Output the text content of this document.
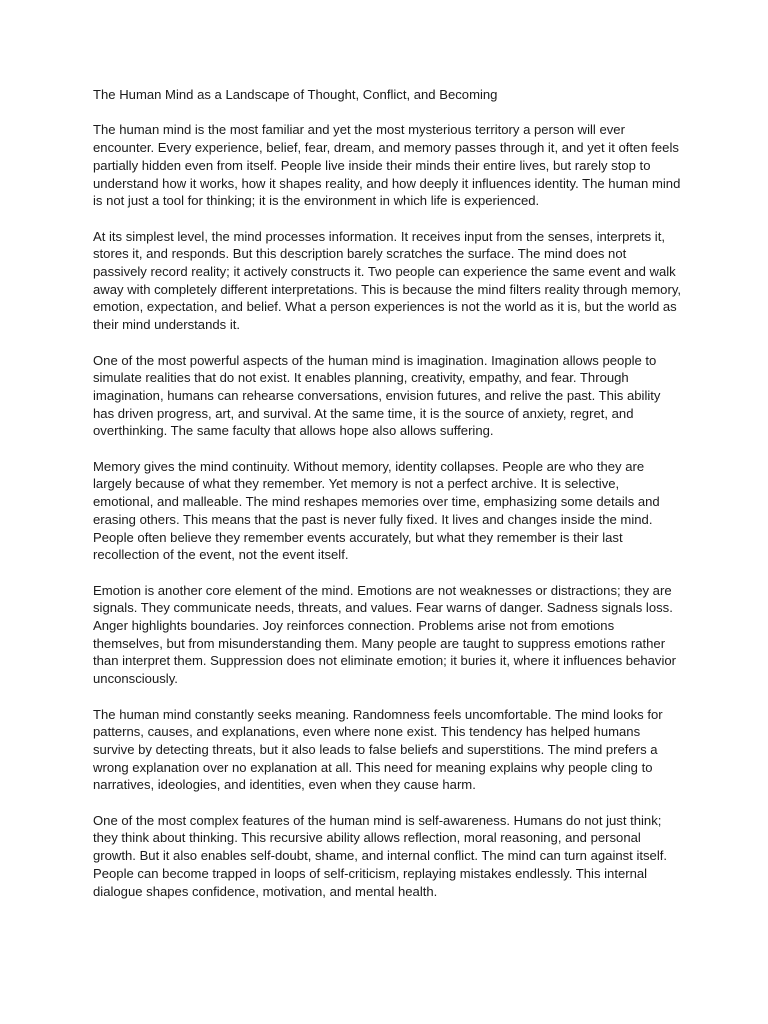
The Human Mind as a Landscape of Thought, Conflict, and Becoming

The human mind is the most familiar and yet the most mysterious territory a person will ever encounter. Every experience, belief, fear, dream, and memory passes through it, and yet it often feels partially hidden even from itself. People live inside their minds their entire lives, but rarely stop to understand how it works, how it shapes reality, and how deeply it influences identity. The human mind is not just a tool for thinking; it is the environment in which life is experienced.

At its simplest level, the mind processes information. It receives input from the senses, interprets it, stores it, and responds. But this description barely scratches the surface. The mind does not passively record reality; it actively constructs it. Two people can experience the same event and walk away with completely different interpretations. This is because the mind filters reality through memory, emotion, expectation, and belief. What a person experiences is not the world as it is, but the world as their mind understands it.

One of the most powerful aspects of the human mind is imagination. Imagination allows people to simulate realities that do not exist. It enables planning, creativity, empathy, and fear. Through imagination, humans can rehearse conversations, envision futures, and relive the past. This ability has driven progress, art, and survival. At the same time, it is the source of anxiety, regret, and overthinking. The same faculty that allows hope also allows suffering.

Memory gives the mind continuity. Without memory, identity collapses. People are who they are largely because of what they remember. Yet memory is not a perfect archive. It is selective, emotional, and malleable. The mind reshapes memories over time, emphasizing some details and erasing others. This means that the past is never fully fixed. It lives and changes inside the mind. People often believe they remember events accurately, but what they remember is their last recollection of the event, not the event itself.

Emotion is another core element of the mind. Emotions are not weaknesses or distractions; they are signals. They communicate needs, threats, and values. Fear warns of danger. Sadness signals loss. Anger highlights boundaries. Joy reinforces connection. Problems arise not from emotions themselves, but from misunderstanding them. Many people are taught to suppress emotions rather than interpret them. Suppression does not eliminate emotion; it buries it, where it influences behavior unconsciously.

The human mind constantly seeks meaning. Randomness feels uncomfortable. The mind looks for patterns, causes, and explanations, even where none exist. This tendency has helped humans survive by detecting threats, but it also leads to false beliefs and superstitions. The mind prefers a wrong explanation over no explanation at all. This need for meaning explains why people cling to narratives, ideologies, and identities, even when they cause harm.

One of the most complex features of the human mind is self-awareness. Humans do not just think; they think about thinking. This recursive ability allows reflection, moral reasoning, and personal growth. But it also enables self-doubt, shame, and internal conflict. The mind can turn against itself. People can become trapped in loops of self-criticism, replaying mistakes endlessly. This internal dialogue shapes confidence, motivation, and mental health.
